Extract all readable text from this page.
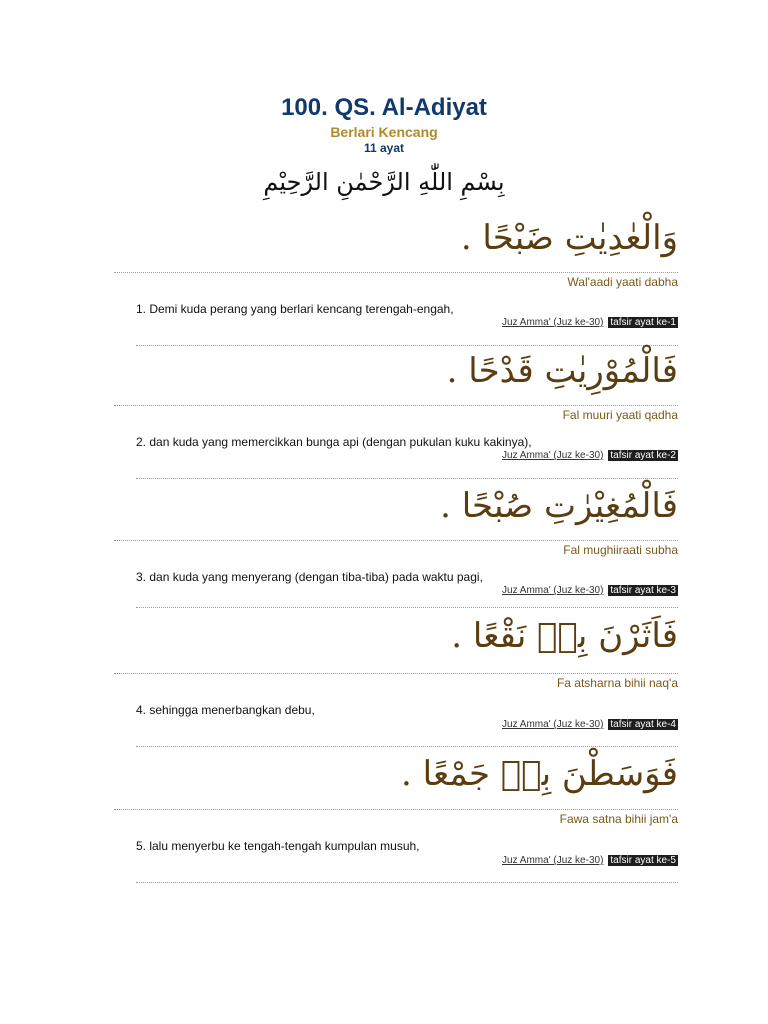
100. QS. Al-Adiyat
Berlari Kencang
11 ayat
بِسْمِ اللّٰهِ الرَّحْمٰنِ الرَّحِيْمِ
وَالْعٰدِيٰتِ ضَبْحًا .
Wal'aadi yaati dabha
1. Demi kuda perang yang berlari kencang terengah-engah,
Juz Amma' (Juz ke-30) tafsir ayat ke-1
فَالْمُوْرِيٰتِ قَدْحًا .
Fal muuri yaati qadha
2. dan kuda yang memercikkan bunga api (dengan pukulan kuku kakinya),
Juz Amma' (Juz ke-30) tafsir ayat ke-2
فَالْمُغِيْرٰتِ صُبْحًا .
Fal mughiiraati subha
3. dan kuda yang menyerang (dengan tiba-tiba) pada waktu pagi,
Juz Amma' (Juz ke-30) tafsir ayat ke-3
فَاَثَرْنَ بِهٖ نَقْعًا .
Fa atsharna bihii naq'a
4. sehingga menerbangkan debu,
Juz Amma' (Juz ke-30) tafsir ayat ke-4
فَوَسَطْنَ بِهٖ جَمْعًا .
Fawa satna bihii jam'a
5. lalu menyerbu ke tengah-tengah kumpulan musuh,
Juz Amma' (Juz ke-30) tafsir ayat ke-5
